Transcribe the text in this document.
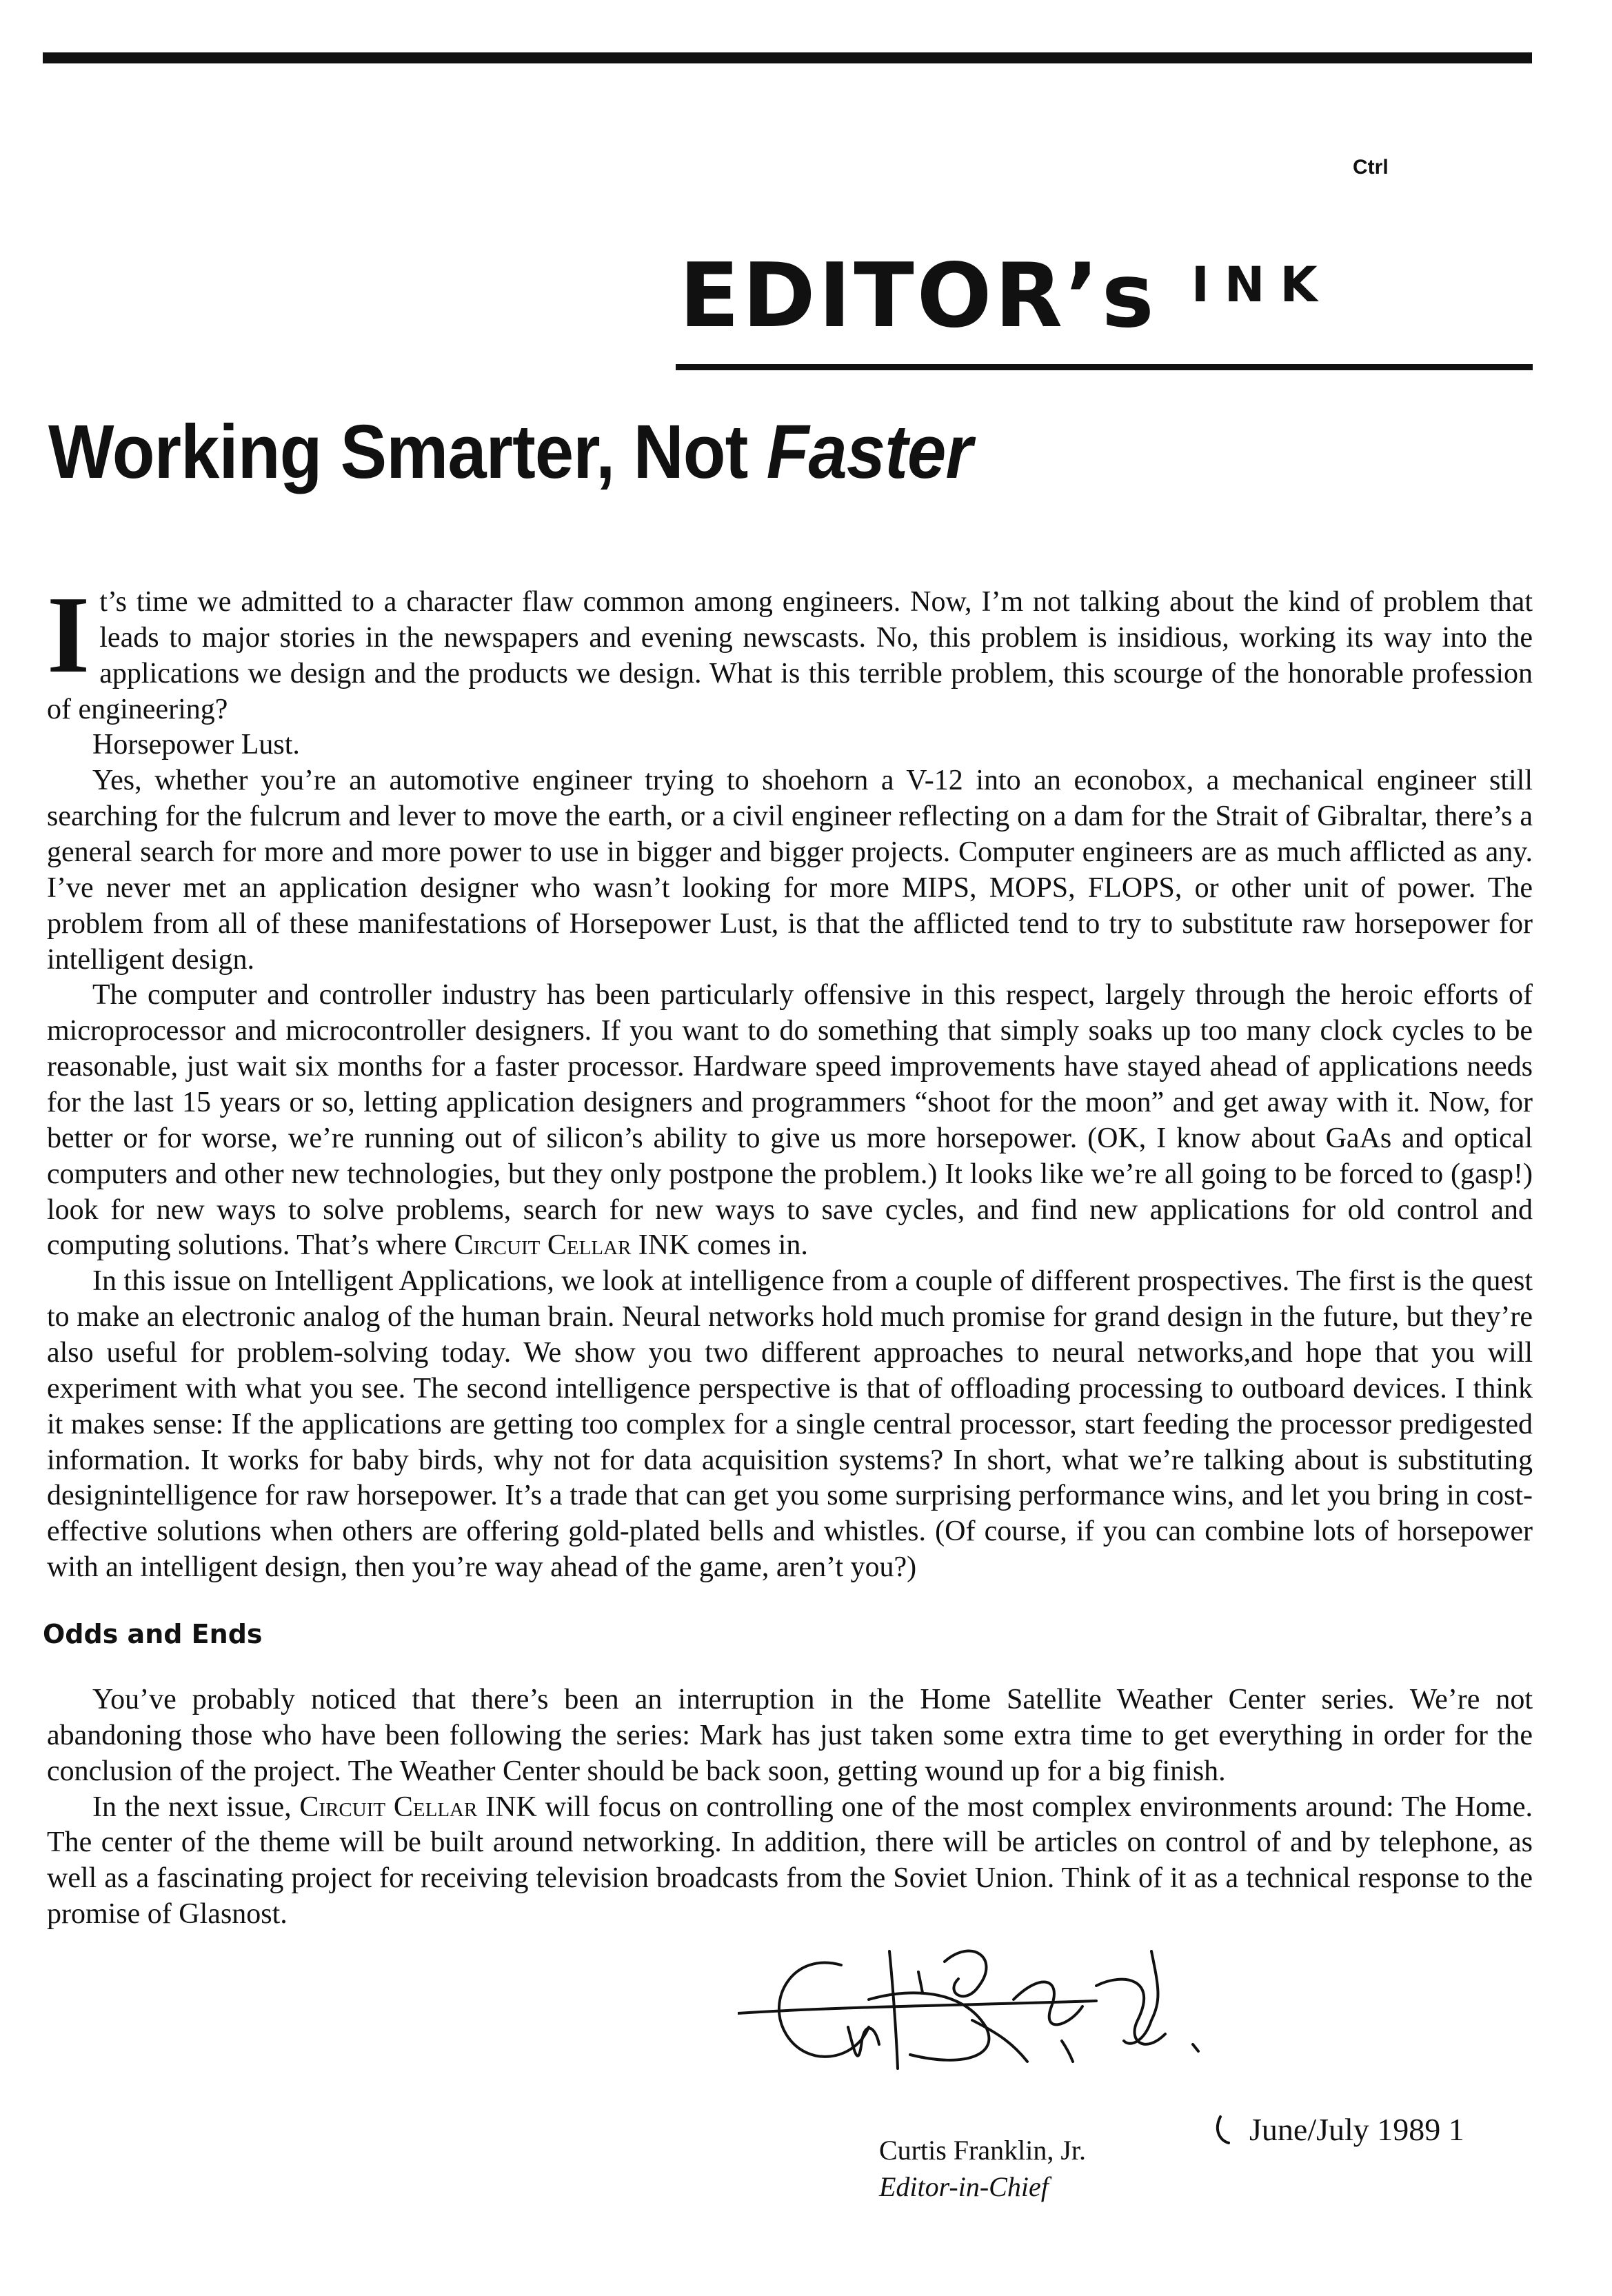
Ctrl
EDITOR’s INK
Working Smarter, Not Faster

It’s time we admitted to a character flaw common among engineers. Now, I’m not talking about the kind of problem that leads to major stories in the newspapers and evening newscasts. No, this problem is insidious, working its way into the applications we design and the products we design. What is this terrible problem, this scourge of the honorable profession of engineering?

Horsepower Lust.

Yes, whether you’re an automotive engineer trying to shoehorn a V-12 into an econobox, a mechanical engineer still searching for the fulcrum and lever to move the earth, or a civil engineer reflecting on a dam for the Strait of Gibraltar, there’s a general search for more and more power to use in bigger and bigger projects. Computer engineers are as much afflicted as any. I’ve never met an application designer who wasn’t looking for more MIPS, MOPS, FLOPS, or other unit of power. The problem from all of these manifestations of Horsepower Lust, is that the afflicted tend to try to substitute raw horsepower for intelligent design.

The computer and controller industry has been particularly offensive in this respect, largely through the heroic efforts of microprocessor and microcontroller designers. If you want to do something that simply soaks up too many clock cycles to be reasonable, just wait six months for a faster processor. Hardware speed improvements have stayed ahead of applications needs for the last 15 years or so, letting application designers and programmers “shoot for the moon” and get away with it. Now, for better or for worse, we’re running out of silicon’s ability to give us more horsepower. (OK, I know about GaAs and optical computers and other new technologies, but they only postpone the problem.) It looks like we’re all going to be forced to (gasp!) look for new ways to solve problems, search for new ways to save cycles, and find new applications for old control and computing solutions. That’s where Circuit Cellar INK comes in.

In this issue on Intelligent Applications, we look at intelligence from a couple of different prospectives. The first is the quest to make an electronic analog of the human brain. Neural networks hold much promise for grand design in the future, but they’re also useful for problem-solving today. We show you two different approaches to neural networks,and hope that you will experiment with what you see. The second intelligence perspective is that of offloading processing to outboard devices. I think it makes sense: If the applications are getting too complex for a single central processor, start feeding the processor predigested information. It works for baby birds, why not for data acquisition systems? In short, what we’re talking about is substituting designintelligence for raw horsepower. It’s a trade that can get you some surprising performance wins, and let you bring in cost-effective solutions when others are offering gold-plated bells and whistles. (Of course, if you can combine lots of horsepower with an intelligent design, then you’re way ahead of the game, aren’t you?)

Odds and Ends

You’ve probably noticed that there’s been an interruption in the Home Satellite Weather Center series. We’re not abandoning those who have been following the series: Mark has just taken some extra time to get everything in order for the conclusion of the project. The Weather Center should be back soon, getting wound up for a big finish.

In the next issue, Circuit Cellar INK will focus on controlling one of the most complex environments around: The Home. The center of the theme will be built around networking. In addition, there will be articles on control of and by telephone, as well as a fascinating project for receiving television broadcasts from the Soviet Union. Think of it as a technical response to the promise of Glasnost.

Curtis Franklin, Jr.
Editor-in-Chief
June/July 1989 1
